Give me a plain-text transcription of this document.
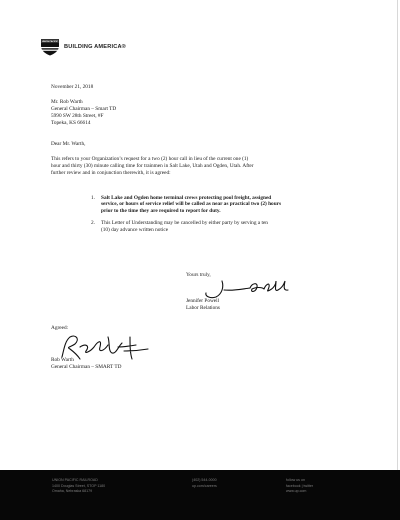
UNION PACIFIC
BUILDING AMERICA®
November 21, 2018
Mr. Rob Warth
General Chairman – Smart TD
5990 SW 28th Street, #F
Topeka, KS 66614
Dear Mr. Warth,
This refers to your Organization’s request for a two (2) hour call in lieu of the current one (1)
hour and thirty (30) minute calling time for trainmen in Salt Lake, Utah and Ogden, Utah. After
further review and in conjunction therewith, it is agreed:
1.	Salt Lake and Ogden home terminal crews protecting pool freight, assigned
service, or hours of service relief will be called as near as practical two (2) hours
prior to the time they are required to report for duty.
2.	This Letter of Understanding may be cancelled by either party by serving a ten
(10) day advance written notice
Yours truly,
Jennifer Powell
Labor Relations
Agreed:
Rob Warth
General Chairman – SMART TD
UNION PACIFIC RAILROAD
1400 Douglas Street, STOP 1180
Omaha, Nebraska 68179
(402) 544-0000
up.com/careers
follow us on
facebook | twitter
www.up.com
